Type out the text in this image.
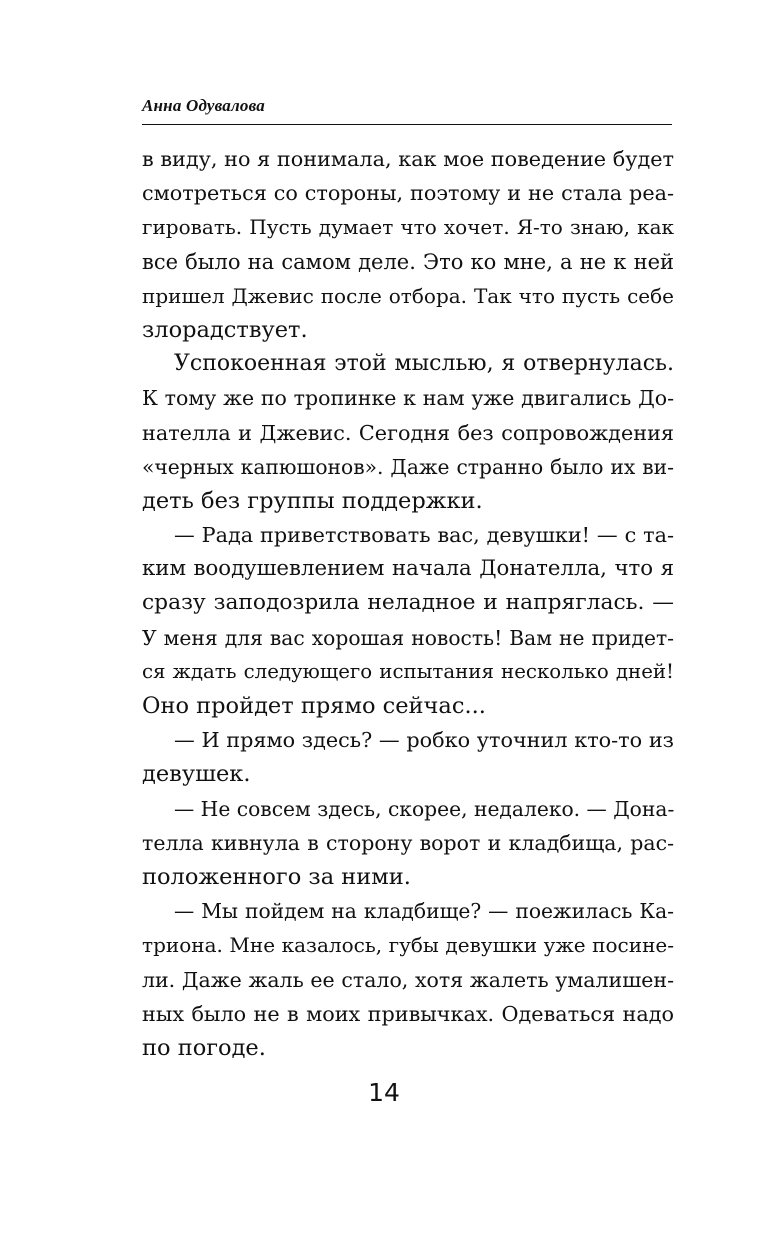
Анна Одувалова
в виду, но я понимала, как мое поведение будет
смотреться со стороны, поэтому и не стала реа-
гировать. Пусть думает что хочет. Я-то знаю, как
все было на самом деле. Это ко мне, а не к ней
пришел Джевис после отбора. Так что пусть себе
злорадствует.
Успокоенная этой мыслью, я отвернулась.
К тому же по тропинке к нам уже двигались До-
нателла и Джевис. Сегодня без сопровождения
«черных капюшонов». Даже странно было их ви-
деть без группы поддержки.
— Рада приветствовать вас, девушки! — с та-
ким воодушевлением начала Донателла, что я
сразу заподозрила неладное и напряглась. —
У меня для вас хорошая новость! Вам не придет-
ся ждать следующего испытания несколько дней!
Оно пройдет прямо сейчас...
— И прямо здесь? — робко уточнил кто-то из
девушек.
— Не совсем здесь, скорее, недалеко. — Дона-
телла кивнула в сторону ворот и кладбища, рас-
положенного за ними.
— Мы пойдем на кладбище? — поежилась Ка-
триона. Мне казалось, губы девушки уже посине-
ли. Даже жаль ее стало, хотя жалеть умалишен-
ных было не в моих привычках. Одеваться надо
по погоде.
14
